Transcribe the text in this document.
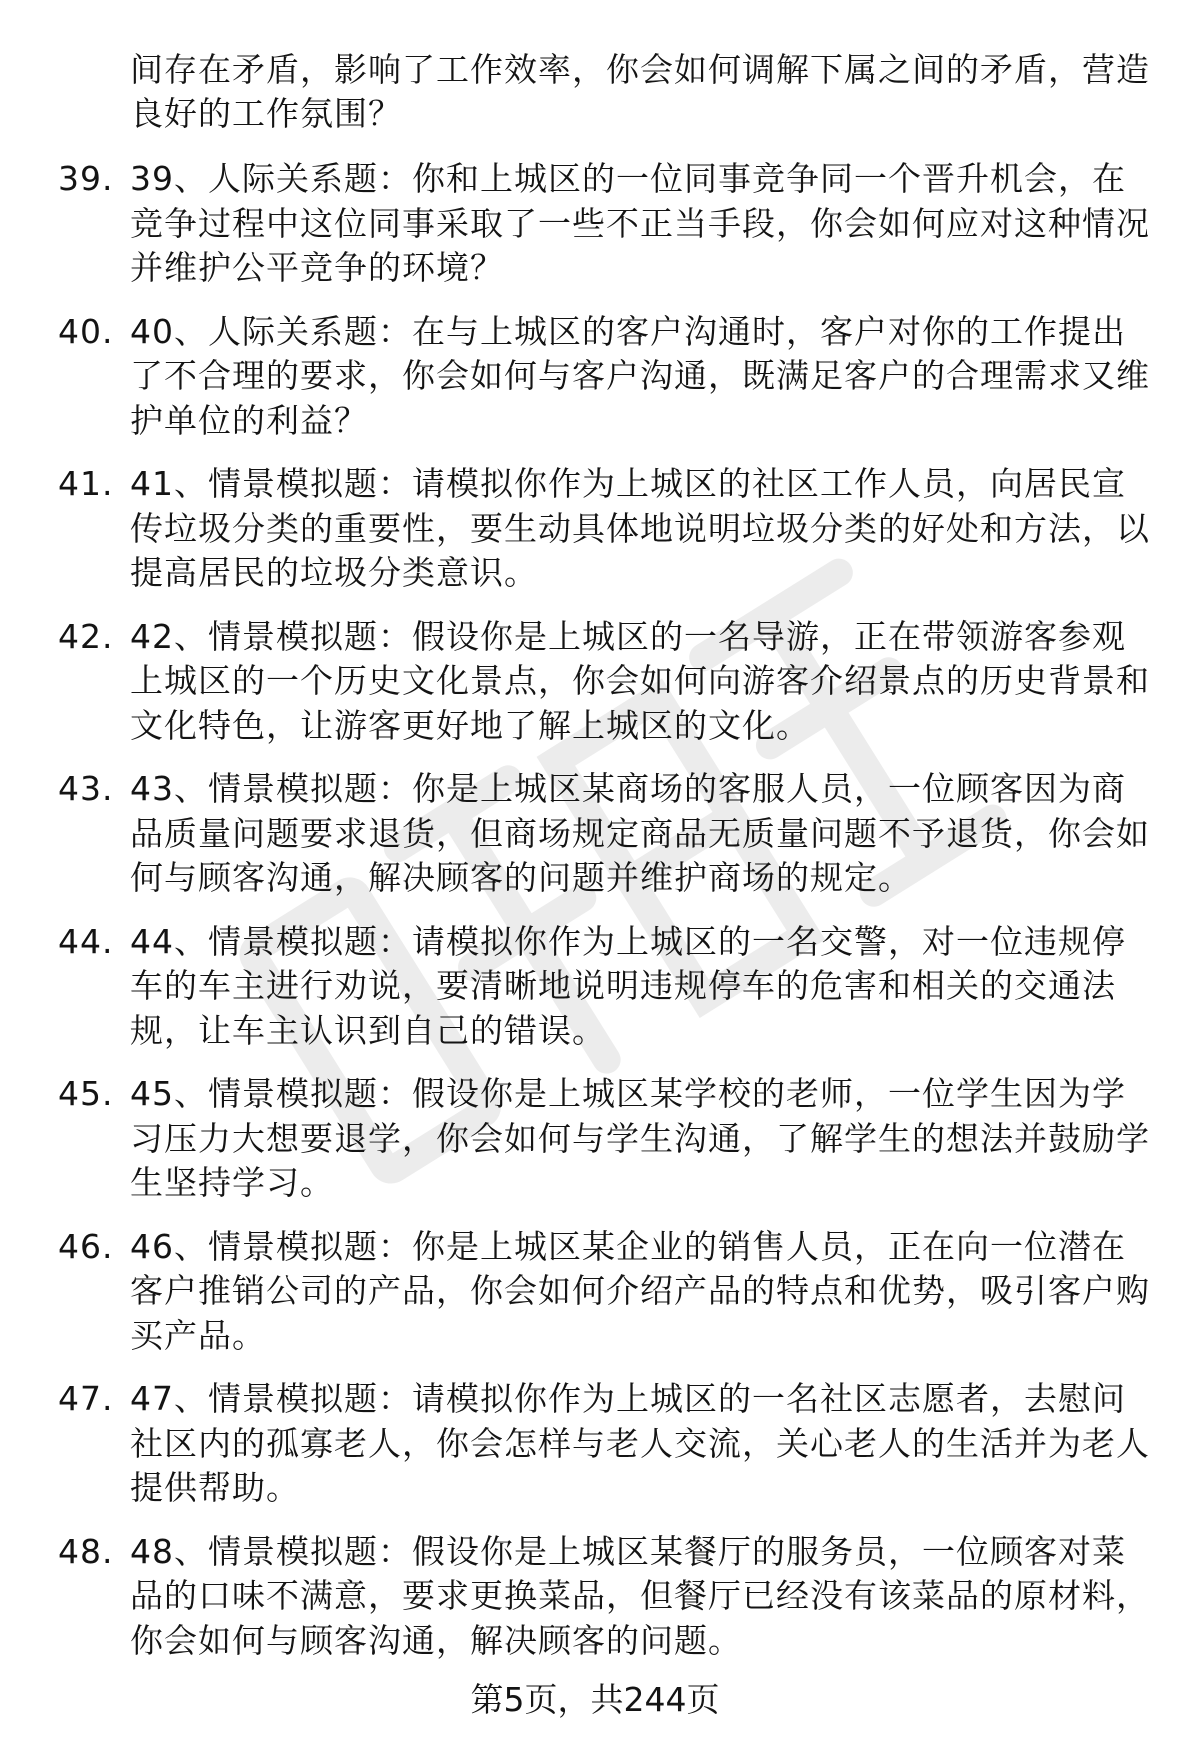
间存在矛盾，影响了工作效率，你会如何调解下属之间的矛盾，营造良好的工作氛围？

39. 39、人际关系题：你和上城区的一位同事竞争同一个晋升机会，在竞争过程中这位同事采取了一些不正当手段，你会如何应对这种情况并维护公平竞争的环境？
40. 40、人际关系题：在与上城区的客户沟通时，客户对你的工作提出了不合理的要求，你会如何与客户沟通，既满足客户的合理需求又维护单位的利益？
41. 41、情景模拟题：请模拟你作为上城区的社区工作人员，向居民宣传垃圾分类的重要性，要生动具体地说明垃圾分类的好处和方法，以提高居民的垃圾分类意识。
42. 42、情景模拟题：假设你是上城区的一名导游，正在带领游客参观上城区的一个历史文化景点，你会如何向游客介绍景点的历史背景和文化特色，让游客更好地了解上城区的文化。
43. 43、情景模拟题：你是上城区某商场的客服人员，一位顾客因为商品质量问题要求退货，但商场规定商品无质量问题不予退货，你会如何与顾客沟通，解决顾客的问题并维护商场的规定。
44. 44、情景模拟题：请模拟你作为上城区的一名交警，对一位违规停车的车主进行劝说，要清晰地说明违规停车的危害和相关的交通法规，让车主认识到自己的错误。
45. 45、情景模拟题：假设你是上城区某学校的老师，一位学生因为学习压力大想要退学，你会如何与学生沟通，了解学生的想法并鼓励学生坚持学习。
46. 46、情景模拟题：你是上城区某企业的销售人员，正在向一位潜在客户推销公司的产品，你会如何介绍产品的特点和优势，吸引客户购买产品。
47. 47、情景模拟题：请模拟你作为上城区的一名社区志愿者，去慰问社区内的孤寡老人，你会怎样与老人交流，关心老人的生活并为老人提供帮助。
48. 48、情景模拟题：假设你是上城区某餐厅的服务员，一位顾客对菜品的口味不满意，要求更换菜品，但餐厅已经没有该菜品的原材料，你会如何与顾客沟通，解决顾客的问题。
第5页，共244页
